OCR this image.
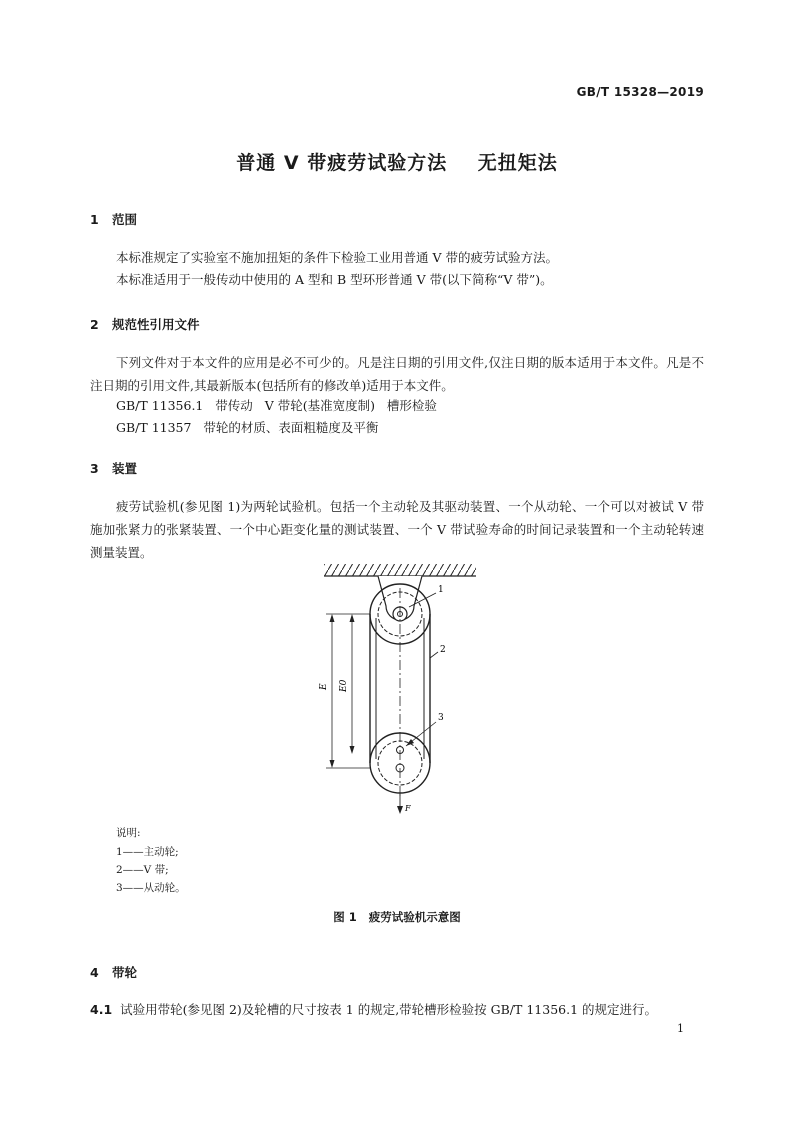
GB/T 15328—2019
普通 V 带疲劳试验方法    无扭矩法
1 范围
本标准规定了实验室不施加扭矩的条件下检验工业用普通 V 带的疲劳试验方法。
本标准适用于一般传动中使用的 A 型和 B 型环形普通 V 带(以下简称“V 带”)。
2 规范性引用文件
下列文件对于本文件的应用是必不可少的。凡是注日期的引用文件,仅注日期的版本适用于本文件。凡是不注日期的引用文件,其最新版本(包括所有的修改单)适用于本文件。
GB/T 11356.1   带传动   V 带轮(基准宽度制)   槽形检验
GB/T 11357   带轮的材质、表面粗糙度及平衡
3 装置
疲劳试验机(参见图 1)为两轮试验机。包括一个主动轮及其驱动装置、一个从动轮、一个可以对被试 V 带施加张紧力的张紧装置、一个中心距变化量的测试装置、一个 V 带试验寿命的时间记录装置和一个主动轮转速测量装置。
E E0
1
2
3
F
说明:
1——主动轮;
2——V 带;
3——从动轮。
图 1   疲劳试验机示意图
4 带轮
4.1 试验用带轮(参见图 2)及轮槽的尺寸按表 1 的规定,带轮槽形检验按 GB/T 11356.1 的规定进行。
1
